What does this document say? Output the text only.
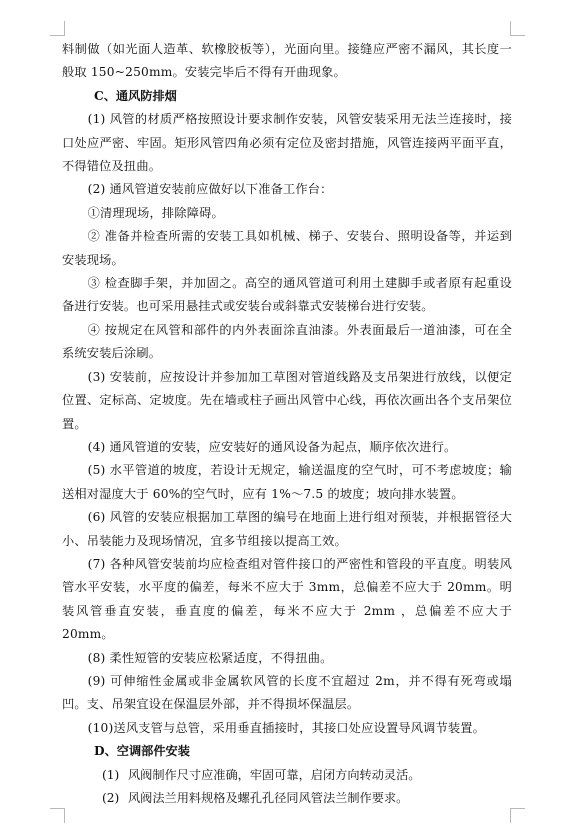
料制做（如光面人造革、软橡胶板等），光面向里。接缝应严密不漏风，其长度一般取 150~250mm。安装完毕后不得有开曲现象。

C、通风防排烟

(1) 风管的材质严格按照设计要求制作安装，风管安装采用无法兰连接时，接口处应严密、牢固。矩形风管四角必须有定位及密封措施，风管连接两平面平直，不得错位及扭曲。

(2) 通风管道安装前应做好以下准备工作台：

①清理现场，排除障碍。

② 准备并检查所需的安装工具如机械、梯子、安装台、照明设备等，并运到安装现场。

③ 检查脚手架，并加固之。高空的通风管道可利用土建脚手或者原有起重设备进行安装。也可采用悬挂式或安装台或斜靠式安装梯台进行安装。

④ 按规定在风管和部件的内外表面涂直油漆。外表面最后一道油漆，可在全系统安装后涂刷。

(3) 安装前，应按设计并参加加工草图对管道线路及支吊架进行放线，以便定位置、定标高、定坡度。先在墙或柱子画出风管中心线，再依次画出各个支吊架位置。

(4) 通风管道的安装，应安装好的通风设备为起点，顺序依次进行。

(5) 水平管道的坡度，若设计无规定，输送温度的空气时，可不考虑坡度；输送相对湿度大于 60%的空气时，应有 1%～7.5 的坡度；坡向排水装置。

(6) 风管的安装应根据加工草图的编号在地面上进行组对预装，并根据管径大小、吊装能力及现场情况，宜多节组接以提高工效。

(7) 各种风管安装前均应检查组对管件接口的严密性和管段的平直度。明装风管水平安装，水平度的偏差，每米不应大于 3mm，总偏差不应大于 20mm。明装风管垂直安装，垂直度的偏差，每米不应大于 2mm ，总偏差不应大于 20mm。

(8) 柔性短管的安装应松紧适度，不得扭曲。

(9) 可伸缩性金属或非金属软风管的长度不宜超过 2m，并不得有死弯或塌凹。支、吊架宜设在保温层外部，并不得损坏保温层。

(10)送风支管与总管，采用垂直插接时，其接口处应设置导风调节装置。

D、空调部件安装

(1) 风阀制作尺寸应准确，牢固可靠，启闭方向转动灵活。

(2) 风阀法兰用料规格及螺孔孔径同风管法兰制作要求。
